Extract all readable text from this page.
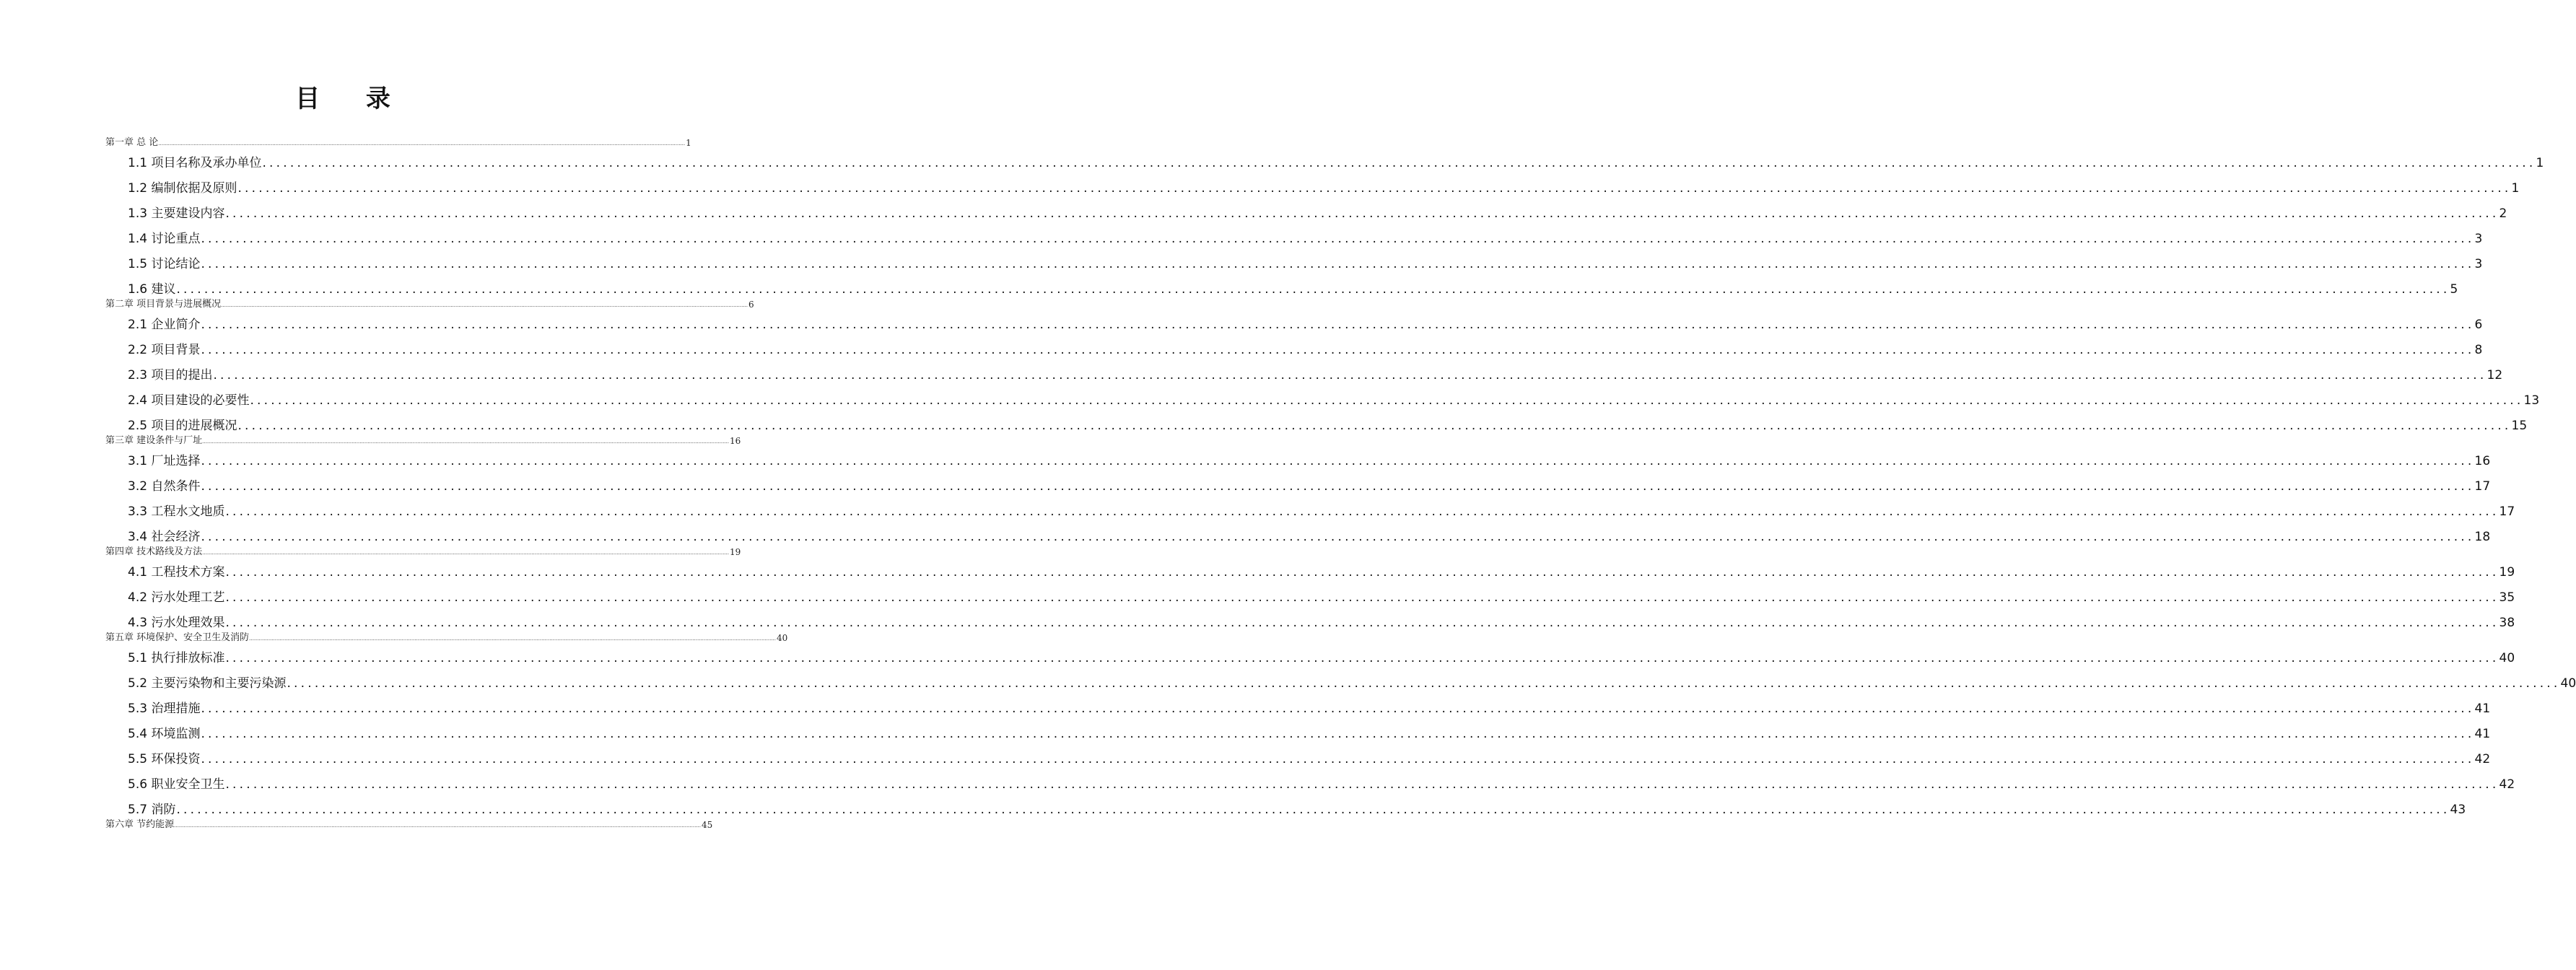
目 录
第一章 总 论 ........................................................................................................................................................................................................................................................................................................................................ 1
1.1 项目名称及承办单位 ........................................................................................................................................................................................................................................................................................................................................ 1
1.2 编制依据及原则 ........................................................................................................................................................................................................................................................................................................................................ 1
1.3 主要建设内容 ........................................................................................................................................................................................................................................................................................................................................ 2
1.4 讨论重点 ........................................................................................................................................................................................................................................................................................................................................ 3
1.5 讨论结论 ........................................................................................................................................................................................................................................................................................................................................ 3
1.6 建议 ........................................................................................................................................................................................................................................................................................................................................ 5
第二章 项目背景与进展概况 ........................................................................................................................................................................................................................................................................................................................................ 6
2.1 企业简介 ........................................................................................................................................................................................................................................................................................................................................ 6
2.2 项目背景 ........................................................................................................................................................................................................................................................................................................................................ 8
2.3 项目的提出 ........................................................................................................................................................................................................................................................................................................................................ 12
2.4 项目建设的必要性 ........................................................................................................................................................................................................................................................................................................................................ 13
2.5 项目的进展概况 ........................................................................................................................................................................................................................................................................................................................................ 15
第三章 建设条件与厂址 ........................................................................................................................................................................................................................................................................................................................................ 16
3.1 厂址选择 ........................................................................................................................................................................................................................................................................................................................................ 16
3.2 自然条件 ........................................................................................................................................................................................................................................................................................................................................ 17
3.3 工程水文地质 ........................................................................................................................................................................................................................................................................................................................................ 17
3.4 社会经济 ........................................................................................................................................................................................................................................................................................................................................ 18
第四章 技术路线及方法 ........................................................................................................................................................................................................................................................................................................................................ 19
4.1 工程技术方案 ........................................................................................................................................................................................................................................................................................................................................ 19
4.2 污水处理工艺 ........................................................................................................................................................................................................................................................................................................................................ 35
4.3 污水处理效果 ........................................................................................................................................................................................................................................................................................................................................ 38
第五章 环境保护、安全卫生及消防 ........................................................................................................................................................................................................................................................................................................................................ 40
5.1 执行排放标准 ........................................................................................................................................................................................................................................................................................................................................ 40
5.2 主要污染物和主要污染源 ........................................................................................................................................................................................................................................................................................................................................ 40
5.3 治理措施 ........................................................................................................................................................................................................................................................................................................................................ 41
5.4 环境监测 ........................................................................................................................................................................................................................................................................................................................................ 41
5.5 环保投资 ........................................................................................................................................................................................................................................................................................................................................ 42
5.6 职业安全卫生 ........................................................................................................................................................................................................................................................................................................................................ 42
5.7 消防 ........................................................................................................................................................................................................................................................................................................................................ 43
第六章 节约能源 ........................................................................................................................................................................................................................................................................................................................................ 45
